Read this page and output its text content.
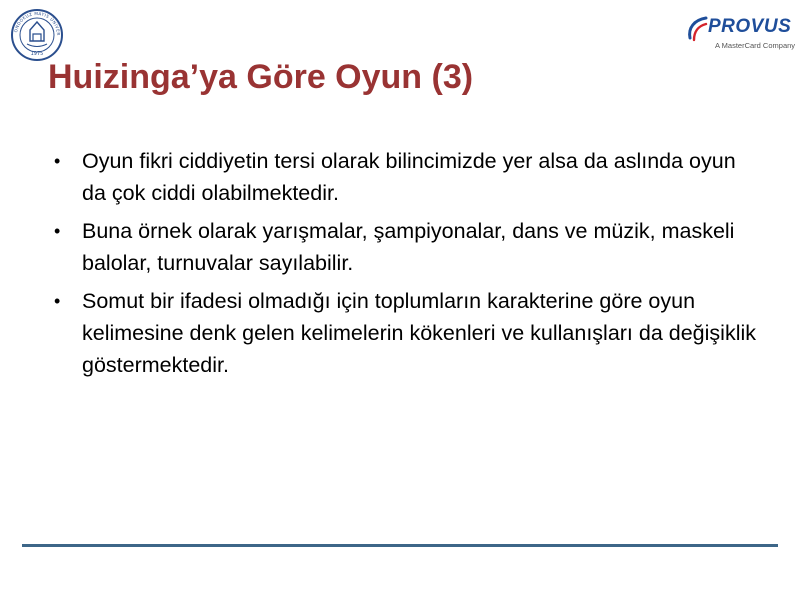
ONDOKUZ MAYIS ÜNİVER
1975
PROVUS
A MasterCard Company
Huizinga’ya Göre Oyun (3)
• Oyun fikri ciddiyetin tersi olarak bilincimizde yer alsa da aslında oyun da çok ciddi olabilmektedir.
• Buna örnek olarak yarışmalar, şampiyonalar, dans ve müzik, maskeli balolar, turnuvalar sayılabilir.
• Somut bir ifadesi olmadığı için toplumların karakterine göre oyun kelimesine denk gelen kelimelerin kökenleri ve kullanışları da değişiklik göstermektedir.
